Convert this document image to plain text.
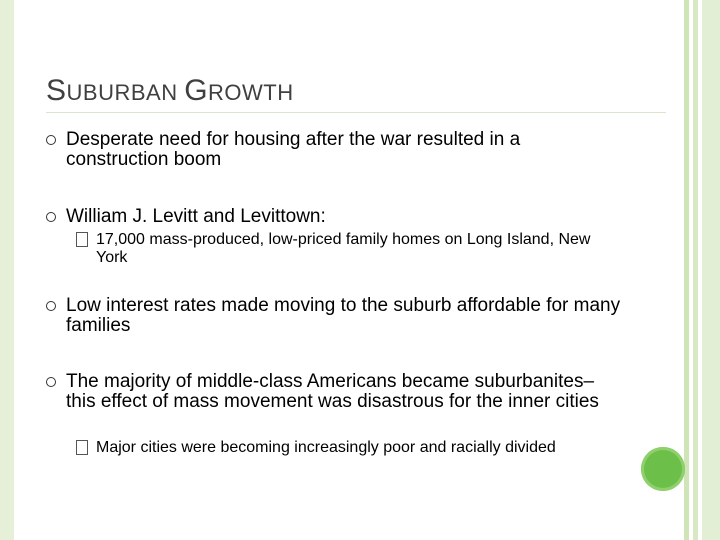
SUBURBAN GROWTH
Desperate need for housing after the war resulted in a construction boom
William J. Levitt and Levittown:
17,000 mass-produced, low-priced family homes on Long Island, New York
Low interest rates made moving to the suburb affordable for many families
The majority of middle-class Americans became suburbanites– this effect of mass movement was disastrous for the inner cities
Major cities were becoming increasingly poor and racially divided
